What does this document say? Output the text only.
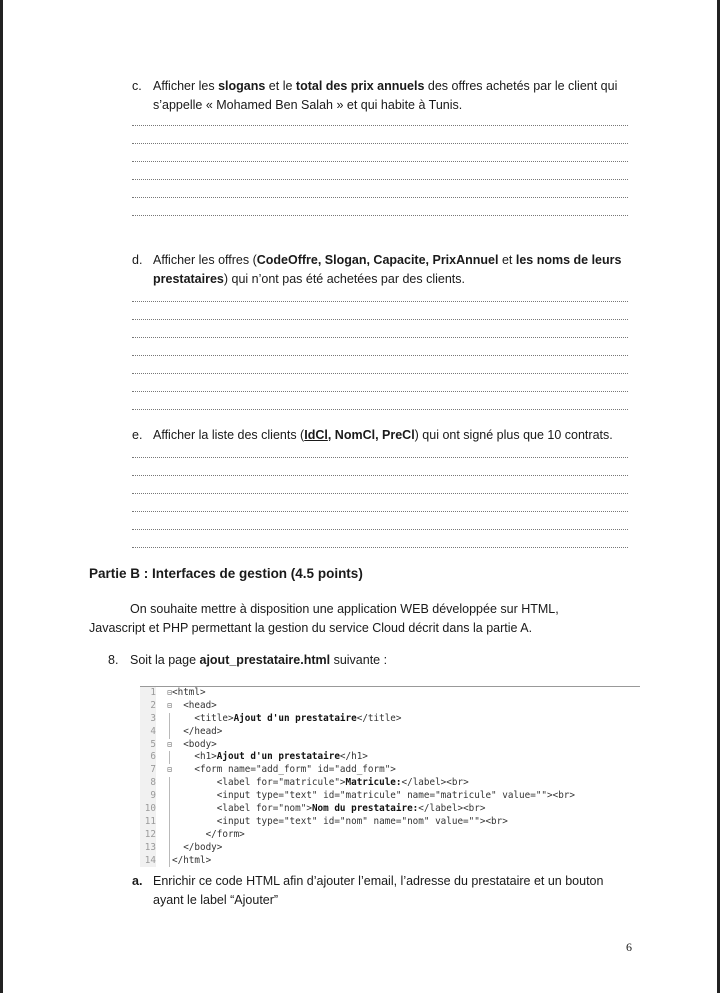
c. Afficher les slogans et le total des prix annuels des offres achetés par le client qui
s’appelle « Mohamed Ben Salah » et qui habite à Tunis.
d. Afficher les offres (CodeOffre, Slogan, Capacite, PrixAnnuel et les noms de leurs
prestataires) qui n’ont pas été achetées par des clients.
e. Afficher la liste des clients (IdCl, NomCl, PreCl) qui ont signé plus que 10 contrats.
Partie B : Interfaces de gestion (4.5 points)
On souhaite mettre à disposition une application WEB développée sur HTML,
Javascript et PHP permettant la gestion du service Cloud décrit dans la partie A.
8. Soit la page ajout_prestataire.html suivante :
1 ⊟ <html>
2 ⊟ <head>
3 <title>Ajout d'un prestataire</title>
4 </head>
5 ⊟ <body>
6 <h1>Ajout d'un prestataire</h1>
7 ⊟ <form name="add_form" id="add_form">
8 <label for="matricule">Matricule:</label><br>
9 <input type="text" id="matricule" name="matricule" value=""><br>
10 <label for="nom">Nom du prestataire:</label><br>
11 <input type="text" id="nom" name="nom" value=""><br>
12 </form>
13 </body>
14 </html>
a. Enrichir ce code HTML afin d’ajouter l’email, l’adresse du prestataire et un bouton
ayant le label “Ajouter”
6
